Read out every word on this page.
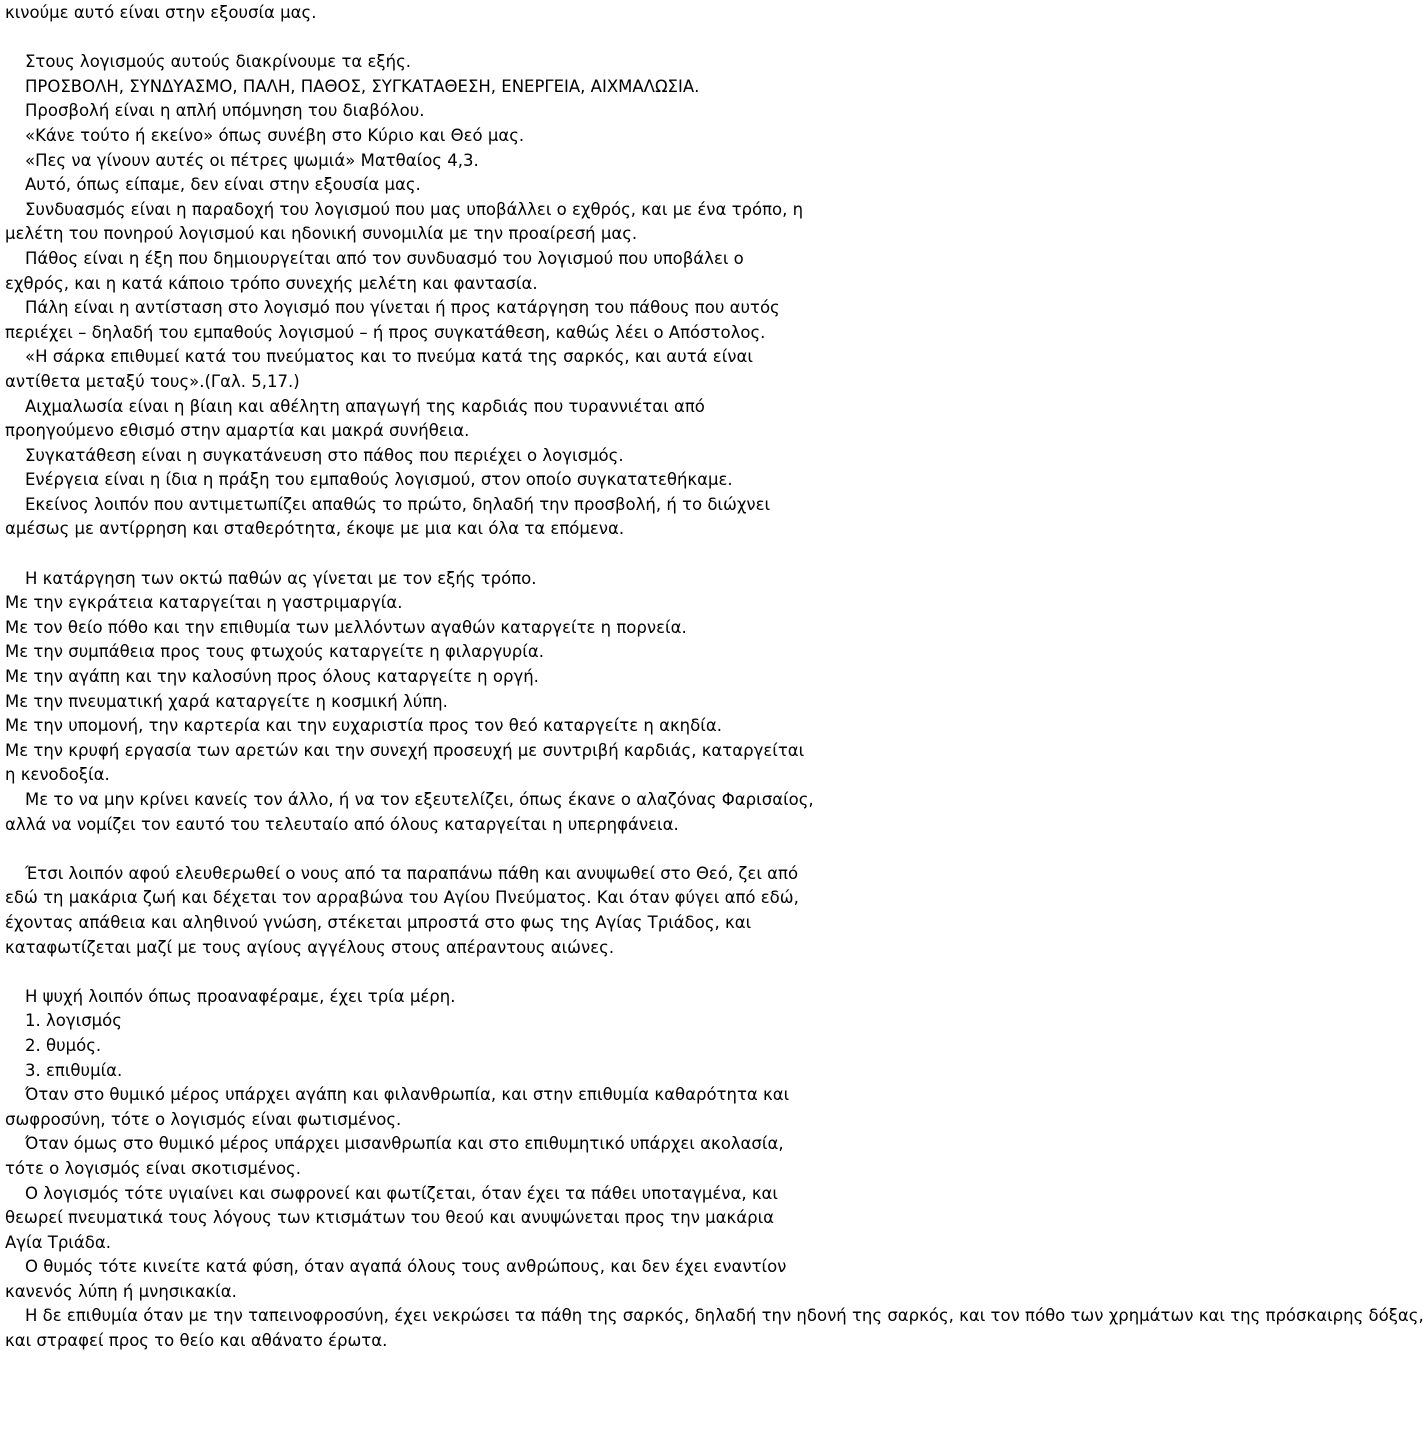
κινούμε αυτό είναι στην εξουσία μας.
Στους λογισμούς αυτούς διακρίνουμε τα εξής.
ΠΡΟΣΒΟΛΗ, ΣΥΝΔΥΑΣΜΟ, ΠΑΛΗ, ΠΑΘΟΣ, ΣΥΓΚΑΤΑΘΕΣΗ, ΕΝΕΡΓΕΙΑ, ΑΙΧΜΑΛΩΣΙΑ.
Προσβολή είναι η απλή υπόμνηση του διαβόλου.
«Κάνε τούτο ή εκείνο» όπως συνέβη στο Κύριο και Θεό μας.
«Πες να γίνουν αυτές οι πέτρες ψωμιά» Ματθαίος 4,3.
Αυτό, όπως είπαμε, δεν είναι στην εξουσία μας.
Συνδυασμός είναι η παραδοχή του λογισμού που μας υποβάλλει ο εχθρός, και με ένα τρόπο, η
μελέτη του πονηρού λογισμού και ηδονική συνομιλία με την προαίρεσή μας.
Πάθος είναι η έξη που δημιουργείται από τον συνδυασμό του λογισμού που υποβάλει ο
εχθρός, και η κατά κάποιο τρόπο συνεχής μελέτη και φαντασία.
Πάλη είναι η αντίσταση στο λογισμό που γίνεται ή προς κατάργηση του πάθους που αυτός
περιέχει – δηλαδή του εμπαθούς λογισμού – ή προς συγκατάθεση, καθώς λέει ο Απόστολος.
«Η σάρκα επιθυμεί κατά του πνεύματος και το πνεύμα κατά της σαρκός, και αυτά είναι
αντίθετα μεταξύ τους».(Γαλ. 5,17.)
Αιχμαλωσία είναι η βίαιη και αθέλητη απαγωγή της καρδιάς που τυραννιέται από
προηγούμενο εθισμό στην αμαρτία και μακρά συνήθεια.
Συγκατάθεση είναι η συγκατάνευση στο πάθος που περιέχει ο λογισμός.
Ενέργεια είναι η ίδια η πράξη του εμπαθούς λογισμού, στον οποίο συγκατατεθήκαμε.
Εκείνος λοιπόν που αντιμετωπίζει απαθώς το πρώτο, δηλαδή την προσβολή, ή το διώχνει
αμέσως με αντίρρηση και σταθερότητα, έκοψε με μια και όλα τα επόμενα.
Η κατάργηση των οκτώ παθών ας γίνεται με τον εξής τρόπο.
Με την εγκράτεια καταργείται η γαστριμαργία.
Με τον θείο πόθο και την επιθυμία των μελλόντων αγαθών καταργείτε η πορνεία.
Με την συμπάθεια προς τους φτωχούς καταργείτε η φιλαργυρία.
Με την αγάπη και την καλοσύνη προς όλους καταργείτε η οργή.
Με την πνευματική χαρά καταργείτε η κοσμική λύπη.
Με την υπομονή, την καρτερία και την ευχαριστία προς τον θεό καταργείτε η ακηδία.
Με την κρυφή εργασία των αρετών και την συνεχή προσευχή με συντριβή καρδιάς, καταργείται
η κενοδοξία.
Με το να μην κρίνει κανείς τον άλλο, ή να τον εξευτελίζει, όπως έκανε ο αλαζόνας Φαρισαίος,
αλλά να νομίζει τον εαυτό του τελευταίο από όλους καταργείται η υπερηφάνεια.
Έτσι λοιπόν αφού ελευθερωθεί ο νους από τα παραπάνω πάθη και ανυψωθεί στο Θεό, ζει από
εδώ τη μακάρια ζωή και δέχεται τον αρραβώνα του Αγίου Πνεύματος. Και όταν φύγει από εδώ,
έχοντας απάθεια και αληθινού γνώση, στέκεται μπροστά στο φως της Αγίας Τριάδος, και
καταφωτίζεται μαζί με τους αγίους αγγέλους στους απέραντους αιώνες.
Η ψυχή λοιπόν όπως προαναφέραμε, έχει τρία μέρη.
1. λογισμός
2. θυμός.
3. επιθυμία.
Όταν στο θυμικό μέρος υπάρχει αγάπη και φιλανθρωπία, και στην επιθυμία καθαρότητα και
σωφροσύνη, τότε ο λογισμός είναι φωτισμένος.
Όταν όμως στο θυμικό μέρος υπάρχει μισανθρωπία και στο επιθυμητικό υπάρχει ακολασία,
τότε ο λογισμός είναι σκοτισμένος.
Ο λογισμός τότε υγιαίνει και σωφρονεί και φωτίζεται, όταν έχει τα πάθει υποταγμένα, και
θεωρεί πνευματικά τους λόγους των κτισμάτων του θεού και ανυψώνεται προς την μακάρια
Αγία Τριάδα.
Ο θυμός τότε κινείτε κατά φύση, όταν αγαπά όλους τους ανθρώπους, και δεν έχει εναντίον
κανενός λύπη ή μνησικακία.
Η δε επιθυμία όταν με την ταπεινοφροσύνη, έχει νεκρώσει τα πάθη της σαρκός, δηλαδή την ηδονή της σαρκός, και τον πόθο των χρημάτων και της πρόσκαιρης δόξας,
και στραφεί προς το θείο και αθάνατο έρωτα.
